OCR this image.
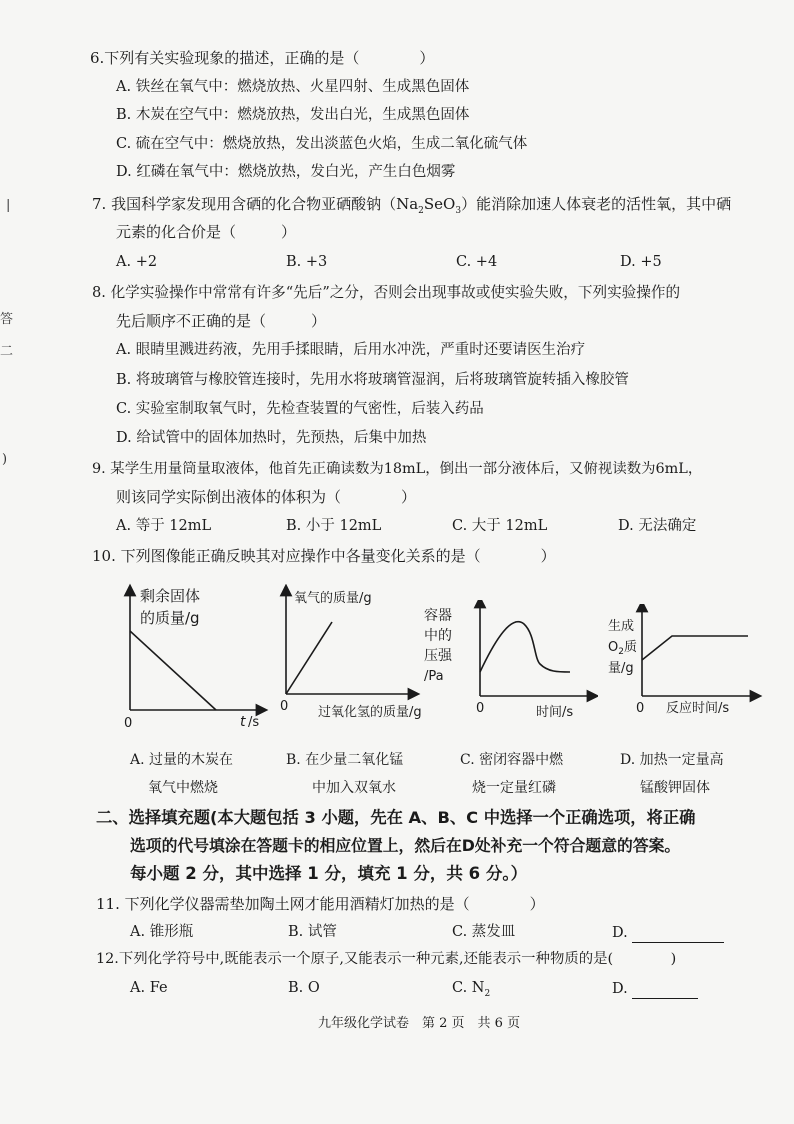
|
答
二
)
6.下列有关实验现象的描述，正确的是（　　　　）
A. 铁丝在氧气中：燃烧放热、火星四射、生成黑色固体
B. 木炭在空气中：燃烧放热，发出白光，生成黑色固体
C. 硫在空气中：燃烧放热，发出淡蓝色火焰，生成二氧化硫气体
D. 红磷在氧气中：燃烧放热，发白光，产生白色烟雾
7. 我国科学家发现用含硒的化合物亚硒酸钠$(Na_2SeO_3)$能消除加速人体衰老的活性氧，其中硒
元素的化合价是（　　　）
A. +2	B. +3	C. +4	D. +5
8. 化学实验操作中常常有许多“先后”之分，否则会出现事故或使实验失败，下列实验操作的
先后顺序不正确的是（　　　）
A. 眼睛里溅进药液，先用手揉眼睛，后用水冲洗，严重时还要请医生治疗
B. 将玻璃管与橡胶管连接时，先用水将玻璃管湿润，后将玻璃管旋转插入橡胶管
C. 实验室制取氧气时，先检查装置的气密性，后装入药品
D. 给试管中的固体加热时，先预热，后集中加热
9. 某学生用量筒量取液体，他首先正确读数为18mL，倒出一部分液体后，又俯视读数为6mL，
则该同学实际倒出液体的体积为（　　　　）
A. 等于 12mL	B. 小于 12mL	C. 大于 12mL	D. 无法确定
10. 下列图像能正确反映其对应操作中各量变化关系的是（　　　　）
剩余固体
的质量/g
0	t /s
氧气的质量/g
0 过氧化氢的质量/g
容器
中的
压强
/Pa
0	时间/s
生成
$O_2$质
量/g
0 反应时间/s
A. 过量的木炭在
氧气中燃烧
B. 在少量二氧化锰
中加入双氧水
C. 密闭容器中燃
烧一定量红磷
D. 加热一定量高
锰酸钾固体
二、选择填充题(本大题包括 3 小题，先在 A、B、C 中选择一个正确选项，将正确
选项的代号填涂在答题卡的相应位置上，然后在D处补充一个符合题意的答案。
每小题 2 分，其中选择 1 分，填充 1 分，共 6 分。）
11. 下列化学仪器需垫加陶土网才能用酒精灯加热的是（　　　　）
A. 锥形瓶	B. 试管	C. 蒸发皿	D.
12.下列化学符号中,既能表示一个原子,又能表示一种元素,还能表示一种物质的是(　　　　)
A. Fe	B. O	C. $N_2$	D.
九年级化学试卷　第 2 页　共 6 页
